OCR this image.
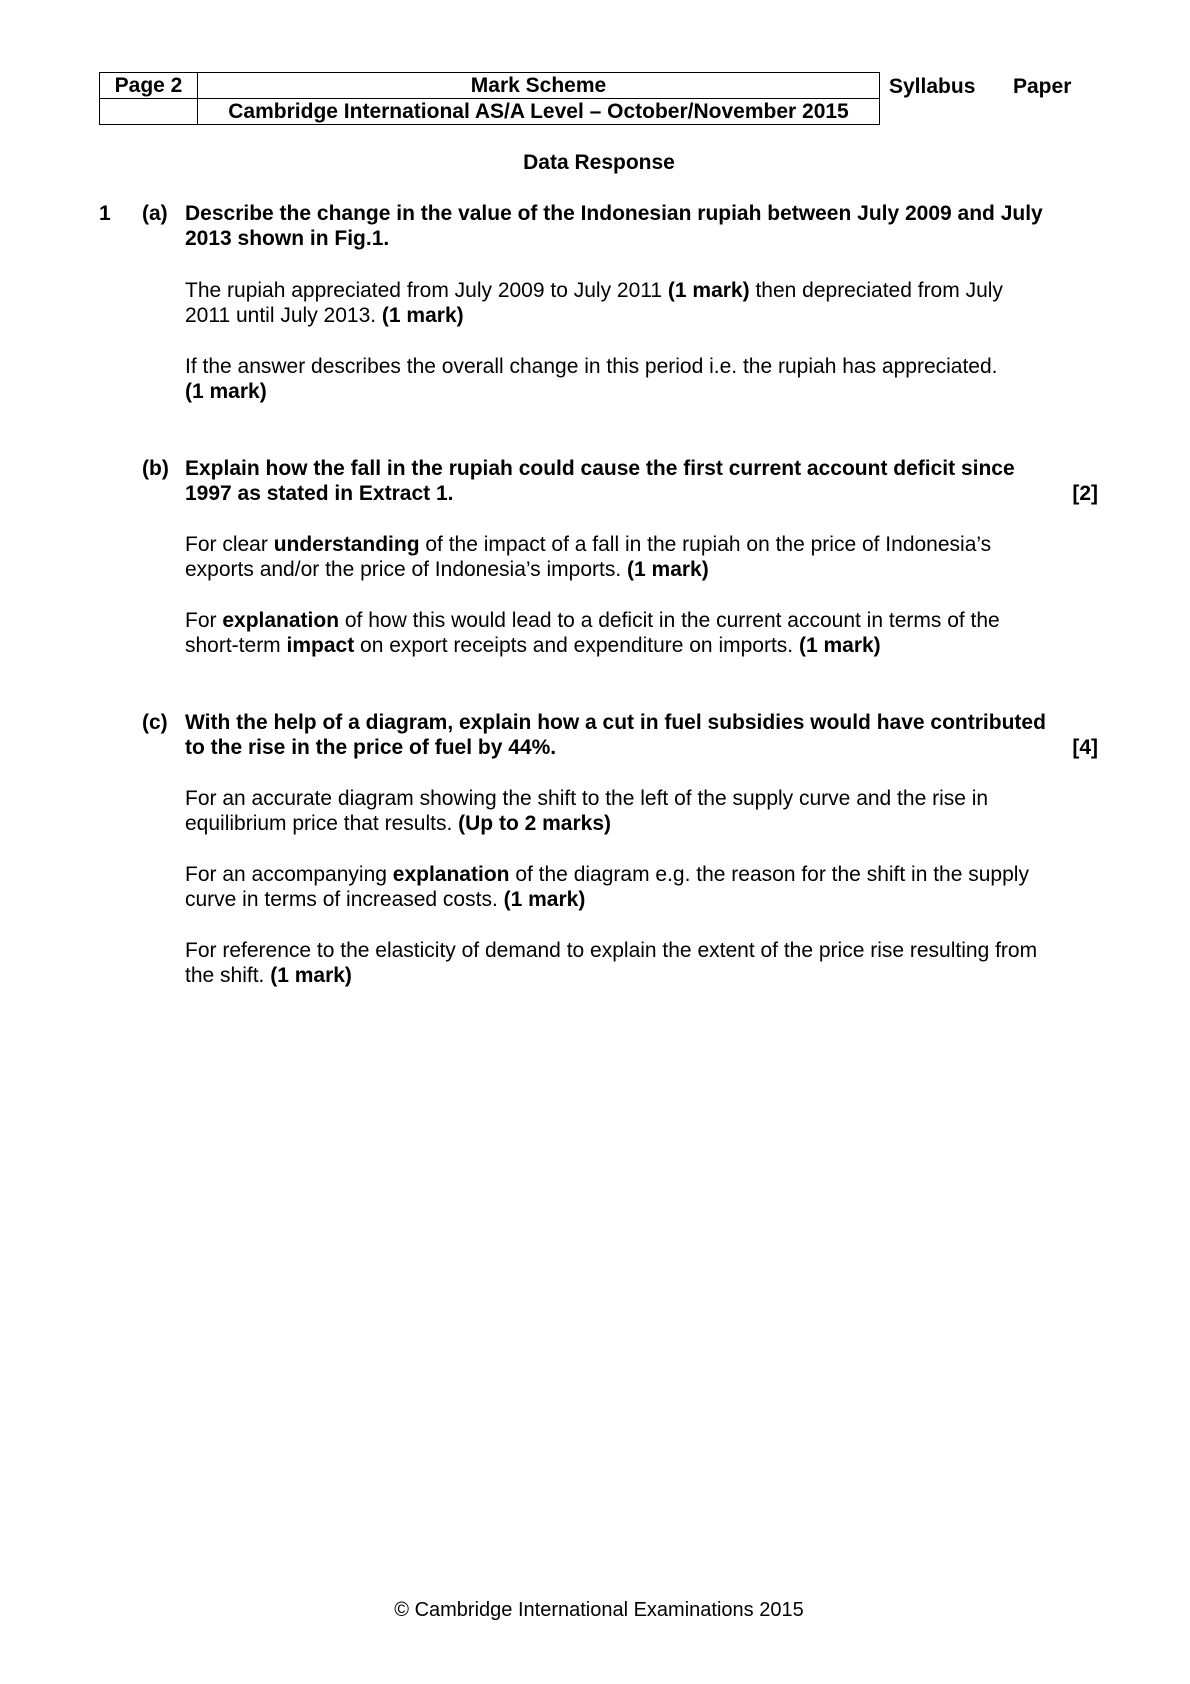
Page 2	Mark Scheme
	Cambridge International AS/A Level – October/November 2015
Syllabus Paper
Data Response
1 (a) Describe the change in the value of the Indonesian rupiah between July 2009 and July

2013 shown in Fig.1.

The rupiah appreciated from July 2009 to July 2011 (1 mark) then depreciated from July

2011 until July 2013. (1 mark)

If the answer describes the overall change in this period i.e. the rupiah has appreciated.

(1 mark)

(b) Explain how the fall in the rupiah could cause the first current account deficit since

1997 as stated in Extract 1.	[2]

For clear understanding of the impact of a fall in the rupiah on the price of Indonesia’s

exports and/or the price of Indonesia’s imports. (1 mark)

For explanation of how this would lead to a deficit in the current account in terms of the

short-term impact on export receipts and expenditure on imports. (1 mark)

(c) With the help of a diagram, explain how a cut in fuel subsidies would have contributed

to the rise in the price of fuel by 44%.	[4]

For an accurate diagram showing the shift to the left of the supply curve and the rise in

equilibrium price that results. (Up to 2 marks)

For an accompanying explanation of the diagram e.g. the reason for the shift in the supply

curve in terms of increased costs. (1 mark)

For reference to the elasticity of demand to explain the extent of the price rise resulting from

the shift. (1 mark)

© Cambridge International Examinations 2015
